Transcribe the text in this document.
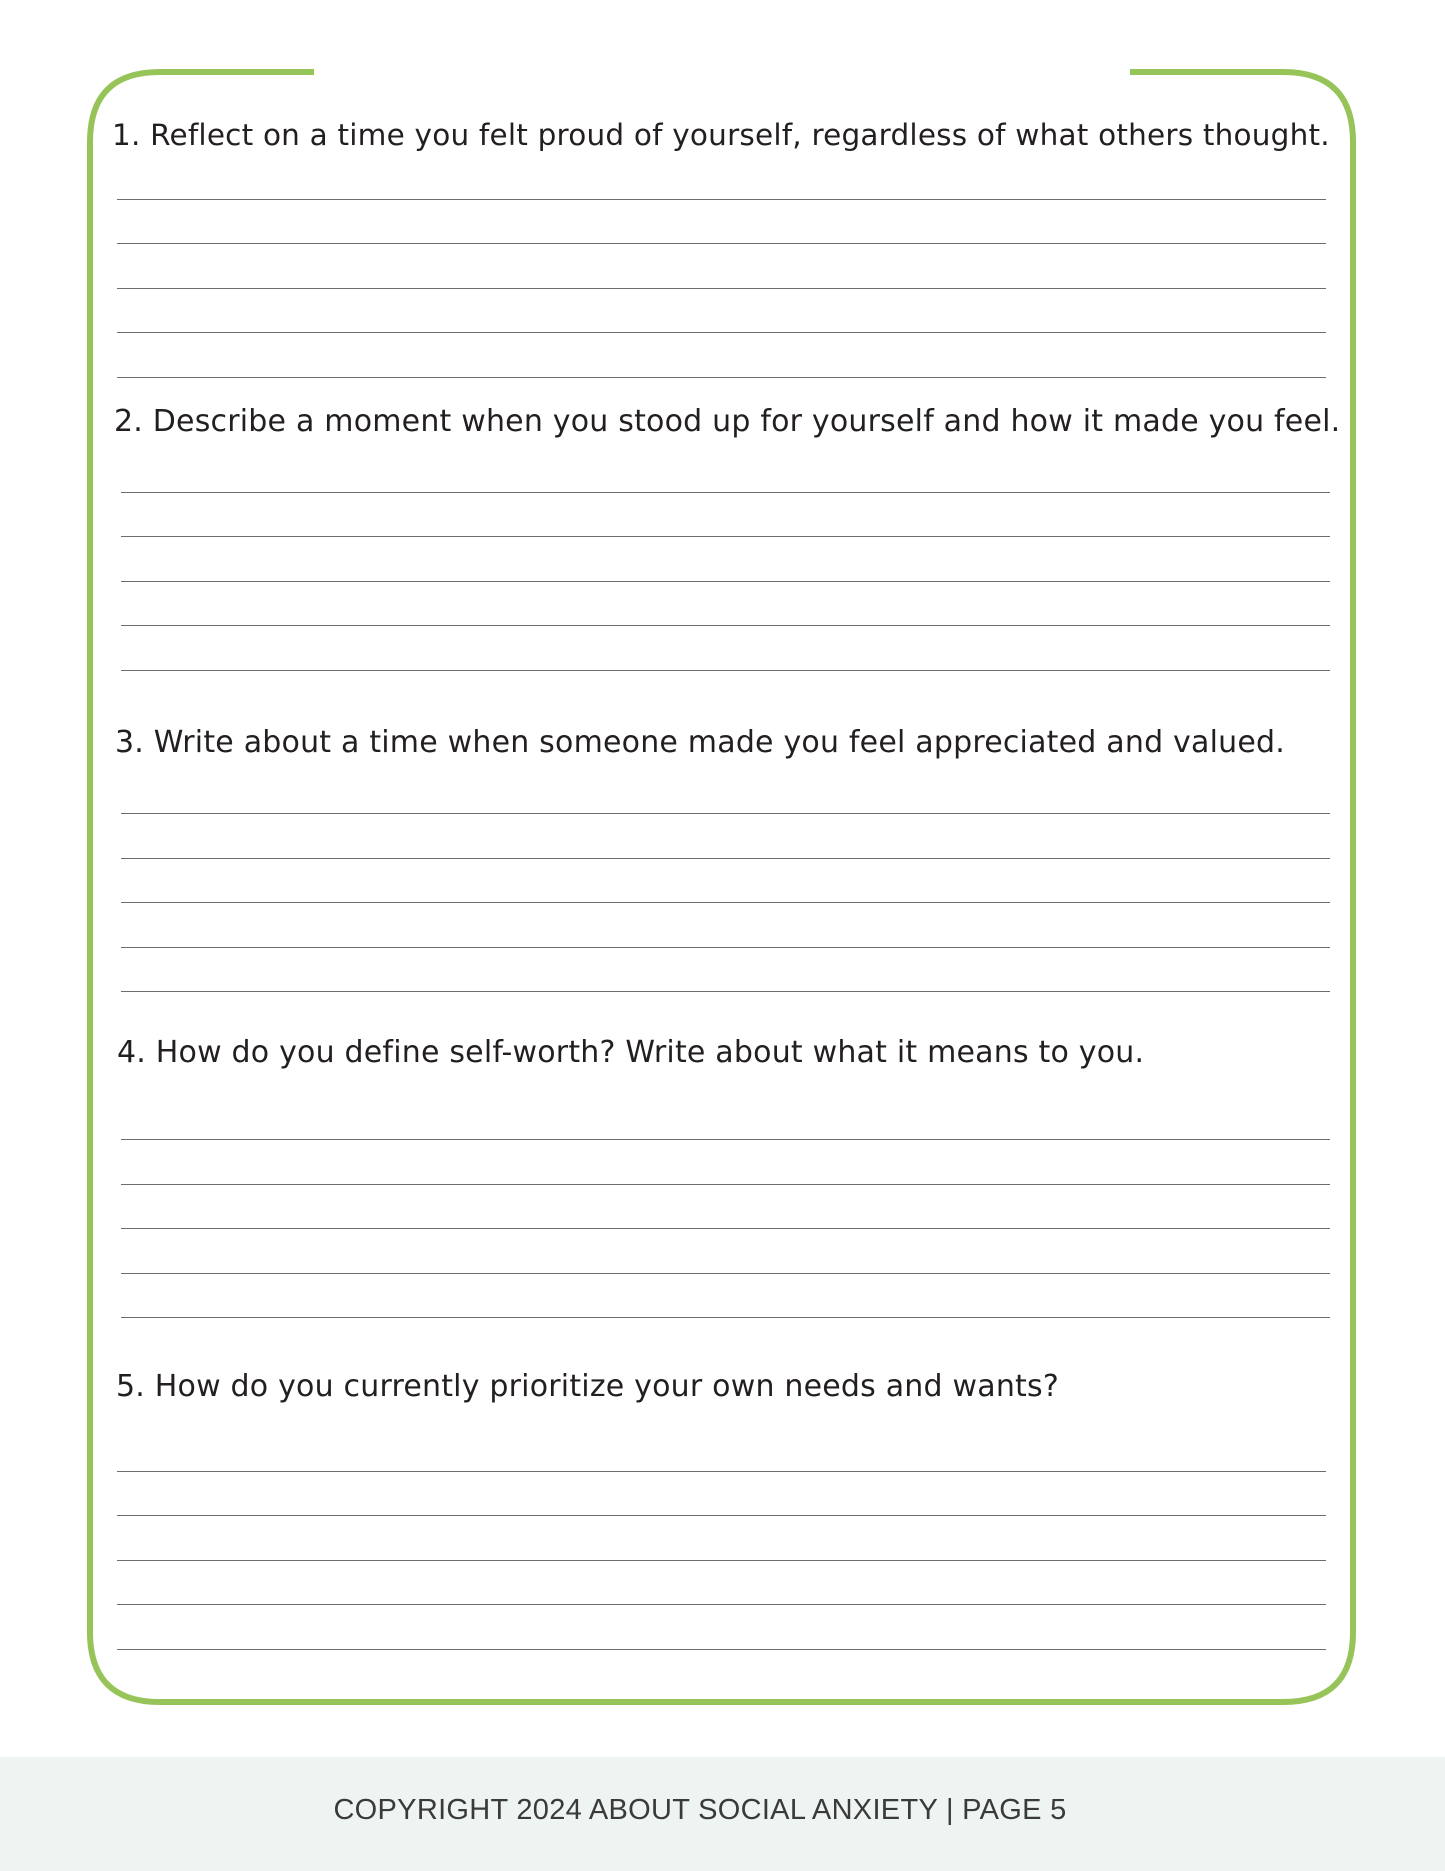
1. Reflect on a time you felt proud of yourself, regardless of what others thought.
2. Describe a moment when you stood up for yourself and how it made you feel.
3. Write about a time when someone made you feel appreciated and valued.
4. How do you define self-worth? Write about what it means to you.
5. How do you currently prioritize your own needs and wants?
COPYRIGHT 2024 ABOUT SOCIAL ANXIETY | PAGE 5
